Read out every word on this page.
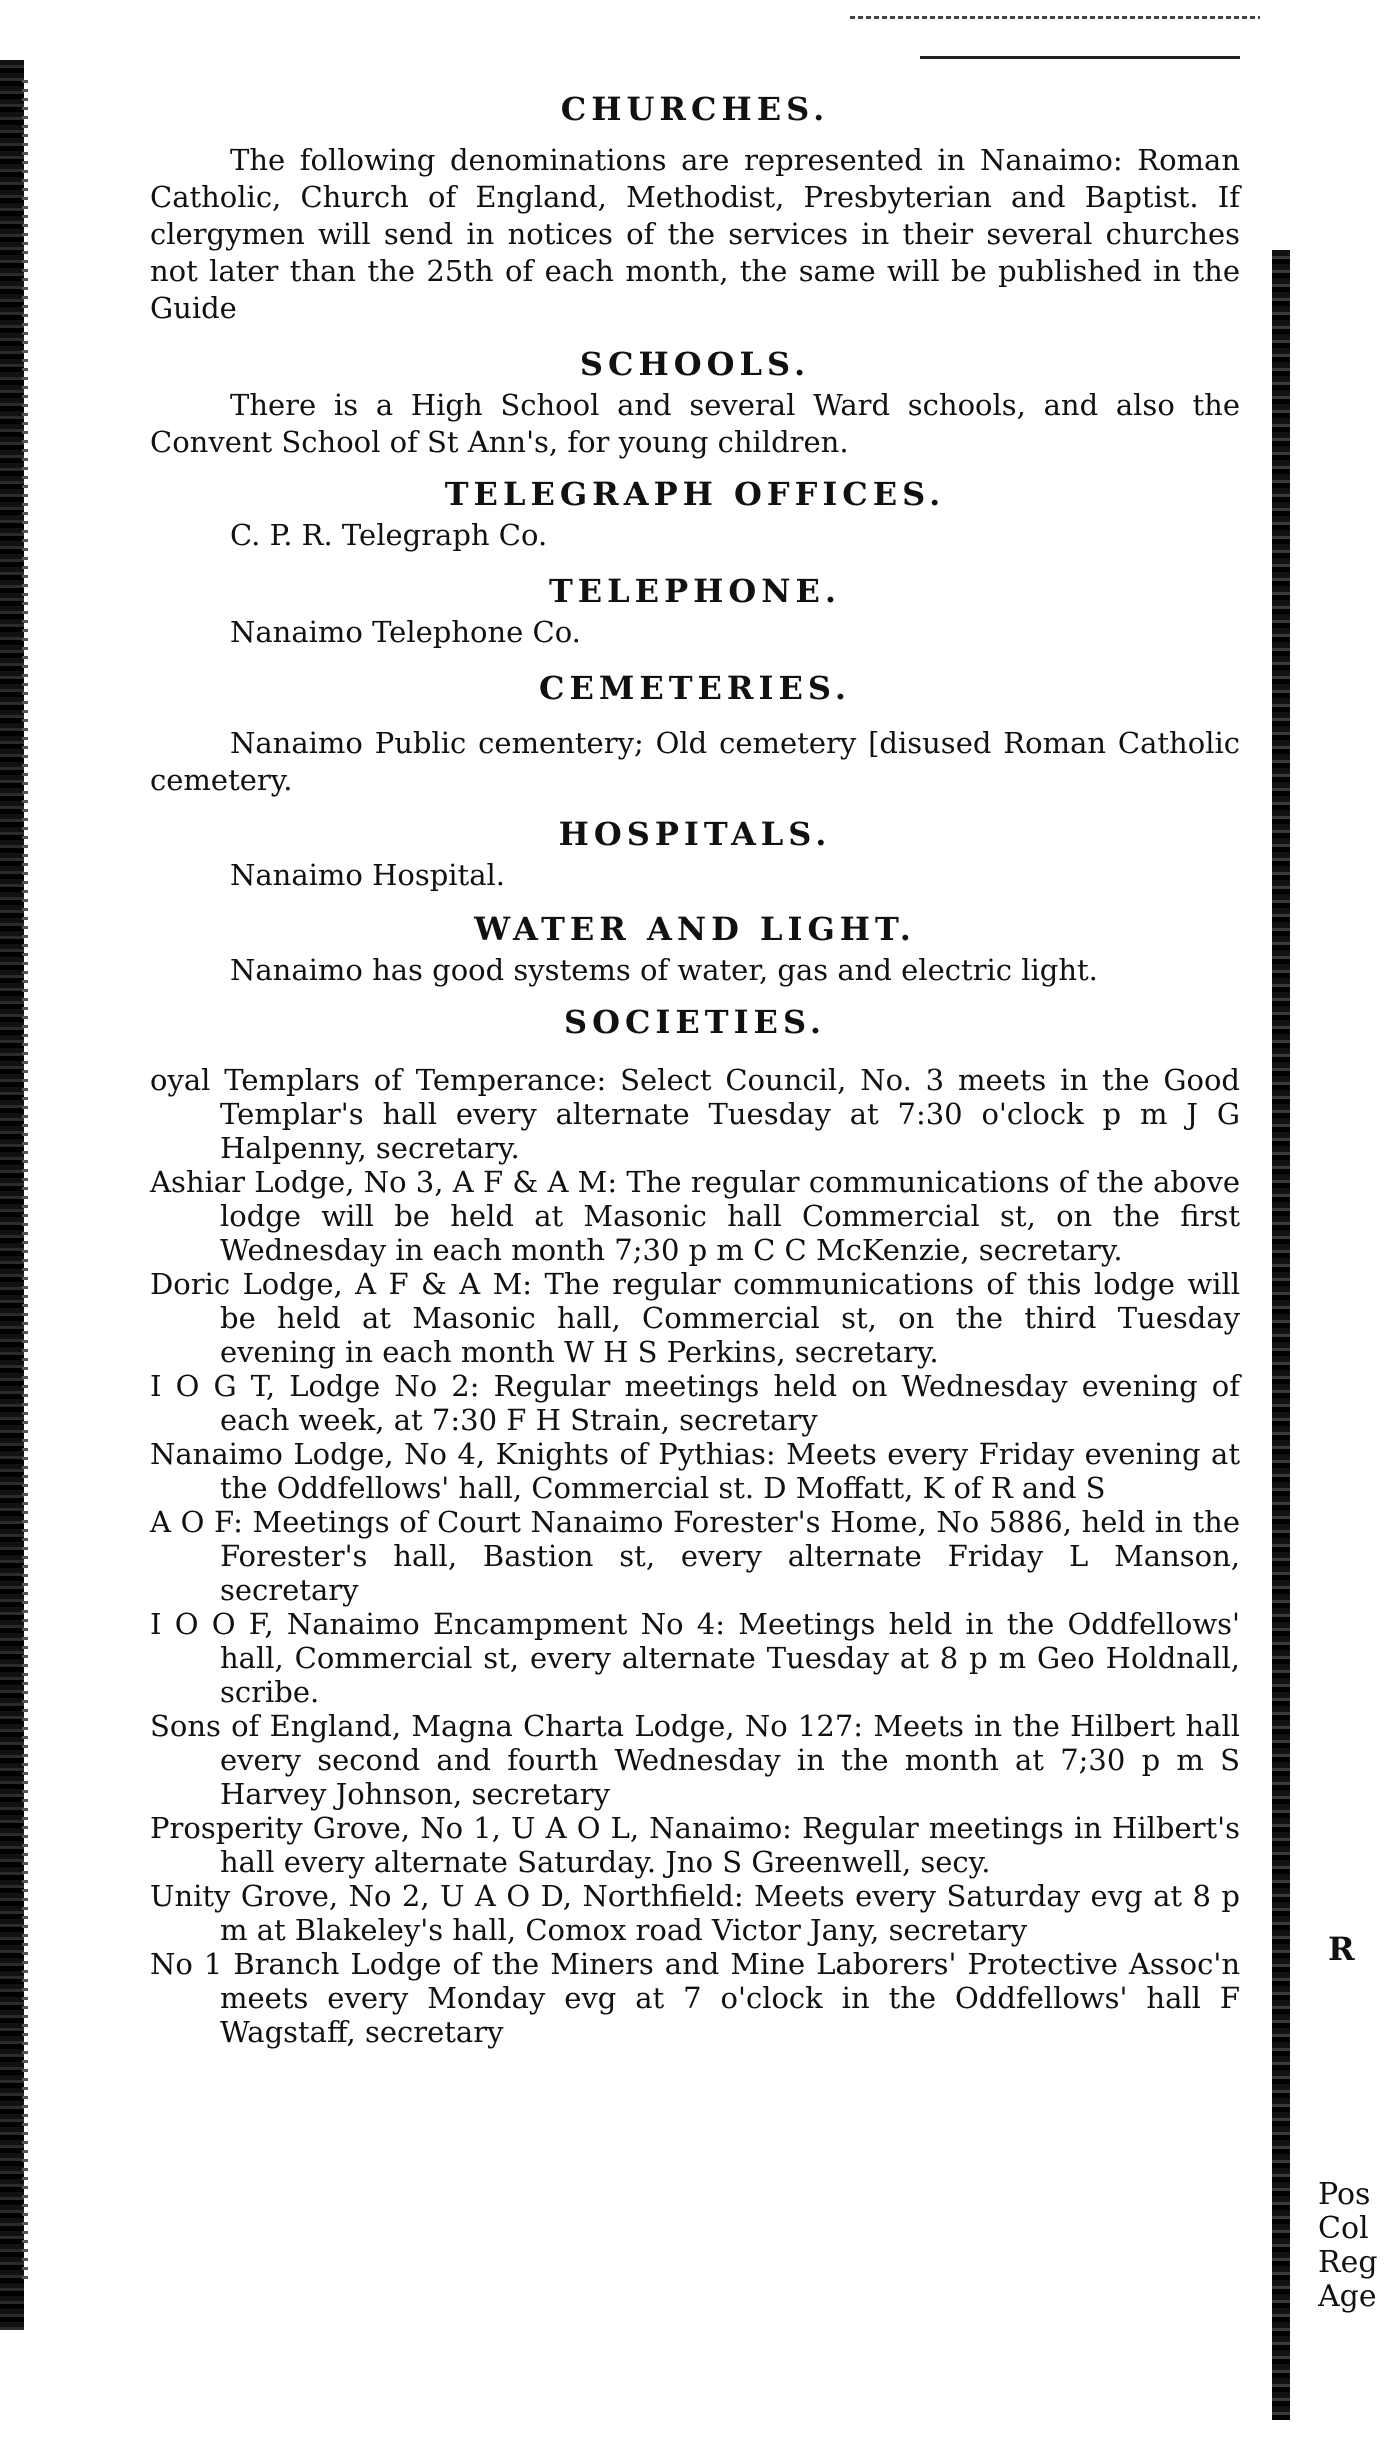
CHURCHES.

The following denominations are represented in Nanaimo: Roman Catholic, Church of England, Methodist, Presbyterian and Baptist. If clergymen will send in notices of the services in their several churches not later than the 25th of each month, the same will be published in the Guide

SCHOOLS.

There is a High School and several Ward schools, and also the Convent School of St Ann's, for young children.

TELEGRAPH OFFICES.

C. P. R. Telegraph Co.

TELEPHONE.

Nanaimo Telephone Co.

CEMETERIES.

Nanaimo Public cementery; Old cemetery [disused Roman Catholic cemetery.

HOSPITALS.

Nanaimo Hospital.

WATER AND LIGHT.

Nanaimo has good systems of water, gas and electric light.

SOCIETIES.

oyal Templars of Temperance: Select Council, No. 3 meets in the Good Templar's hall every alternate Tuesday at 7:30 o'clock p m J G Halpenny, secretary.

Ashiar Lodge, No 3, A F & A M: The regular communications of the above lodge will be held at Masonic hall Commercial st, on the first Wednesday in each month 7;30 p m C C McKenzie, secretary.

Doric Lodge, A F & A M: The regular communications of this lodge will be held at Masonic hall, Commercial st, on the third Tuesday evening in each month W H S Perkins, secretary.

I O G T, Lodge No 2: Regular meetings held on Wednesday evening of each week, at 7:30 F H Strain, secretary

Nanaimo Lodge, No 4, Knights of Pythias: Meets every Friday evening at the Oddfellows' hall, Commercial st. D Moffatt, K of R and S

A O F: Meetings of Court Nanaimo Forester's Home, No 5886, held in the Forester's hall, Bastion st, every alternate Friday L Manson, secretary

I O O F, Nanaimo Encampment No 4: Meetings held in the Oddfellows' hall, Commercial st, every alternate Tuesday at 8 p m Geo Holdnall, scribe.

Sons of England, Magna Charta Lodge, No 127: Meets in the Hilbert hall every second and fourth Wednesday in the month at 7;30 p m S Harvey Johnson, secretary

Prosperity Grove, No 1, U A O L, Nanaimo: Regular meetings in Hilbert's hall every alternate Saturday. Jno S Greenwell, secy.

Unity Grove, No 2, U A O D, Northfield: Meets every Saturday evg at 8 p m at Blakeley's hall, Comox road Victor Jany, secretary

No 1 Branch Lodge of the Miners and Mine Laborers' Protective Assoc'n meets every Monday evg at 7 o'clock in the Oddfellows' hall F Wagstaff, secretary

R
Pos
Col
Reg
Age
